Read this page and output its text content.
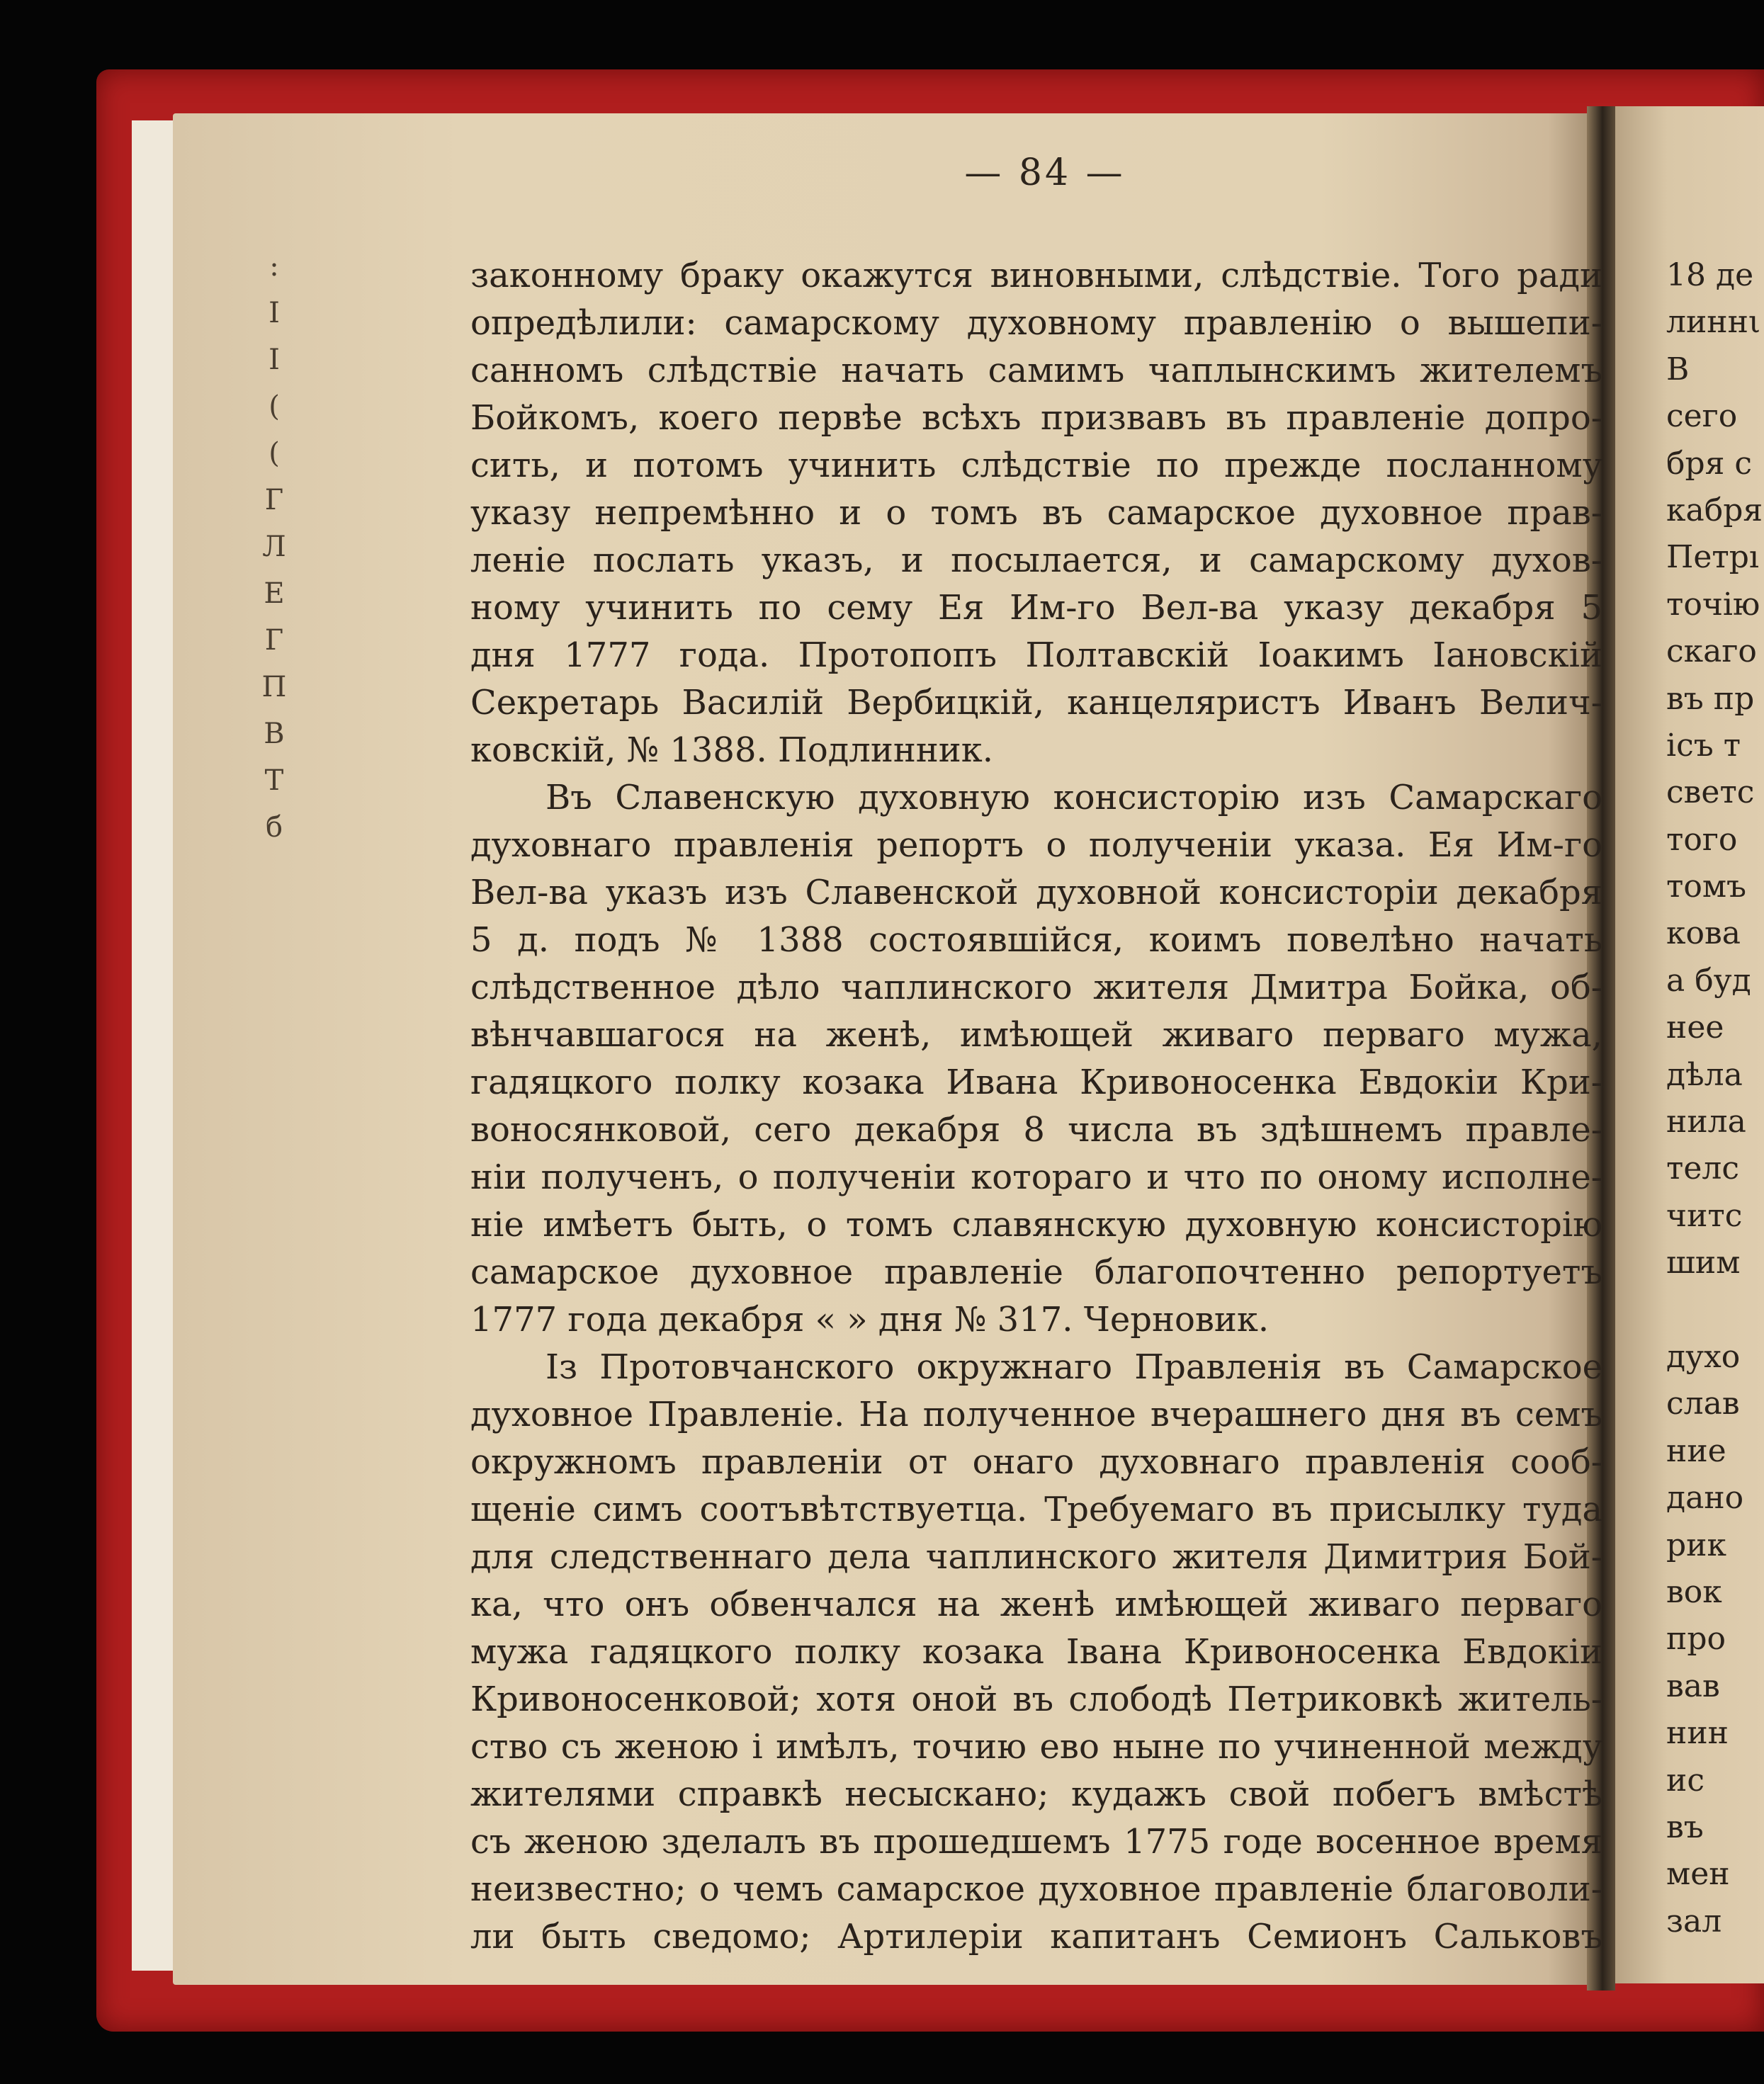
:
I
I
(
(
Г
Л
Е
Г
П
В
Т
б
— 84 —
законному браку окажутся виновными, слѣдствіе. Того ради
опредѣлили: самарскому духовному правленію о вышепи-
санномъ слѣдствіе начать самимъ чаплынскимъ жителемъ
Бойкомъ, коего первѣе всѣхъ призвавъ въ правленіе допро-
сить, и потомъ учинить слѣдствіе по прежде посланному
указу непремѣнно и о томъ въ самарское духовное прав-
леніе послать указъ, и посылается, и самарскому духов-
ному учинить по сему Ея Им-го Вел-ва указу декабря 5
дня 1777 года. Протопопъ Полтавскій Іоакимъ Іановскій
Секретарь Василій Вербицкій, канцеляристъ Иванъ Велич-
ковскій, № 1388. Подлинник.
Въ Славенскую духовную консисторію изъ Самарскаго
духовнаго правленія репортъ о полученіи указа. Ея Им-го
Вел-ва указъ изъ Славенской духовной консисторіи декабря
5 д. подъ № 1388 состоявшійся, коимъ повелѣно начать
слѣдственное дѣло чаплинского жителя Дмитра Бойка, об-
вѣнчавшагося на женѣ, имѣющей живаго перваго мужа,
гадяцкого полку козака Ивана Кривоносенка Евдокіи Кри-
воносянковой, сего декабря 8 числа въ здѣшнемъ правле-
ніи полученъ, о полученіи котораго и что по оному исполне-
ніе имѣетъ быть, о томъ славянскую духовную консисторію
самарское духовное правленіе благопочтенно репортуетъ
1777 года декабря « » дня № 317. Черновик.
Із Протовчанского окружнаго Правленія въ Самарское
духовное Правленіе. На полученное вчерашнего дня въ семъ
окружномъ правленіи от онаго духовнаго правленія сооб-
щеніе симъ соотъвѣтствуетца. Требуемаго въ присылку туда
для следственнаго дела чаплинского жителя Димитрия Бой-
ка, что онъ обвенчался на женѣ имѣющей живаго перваго
мужа гадяцкого полку козака Івана Кривоносенка Евдокіи
Кривоносенковой; хотя оной въ слободѣ Петриковкѣ житель-
ство съ женою і имѣлъ, точию ево ныне по учиненной между
жителями справкѣ несыскано; кудажъ свой побегъ вмѣстѣ
съ женою зделалъ въ прошедшемъ 1775 годе восенное время
неизвестно; о чемъ самарское духовное правленіе благоволи-
ли быть сведомо; Артилеріи капитанъ Семионъ Сальковъ
18 де
линнι
В
сего
бря с
кабря
Петрı
точію
скаго
въ пр
ісъ т
светс
того
томъ
кова
а буд
нее
дѣла
нила
телс
читс
шим
духо
слав
ние
дано
рик
вок
про
вав
нин
ис
въ
мен
зал
